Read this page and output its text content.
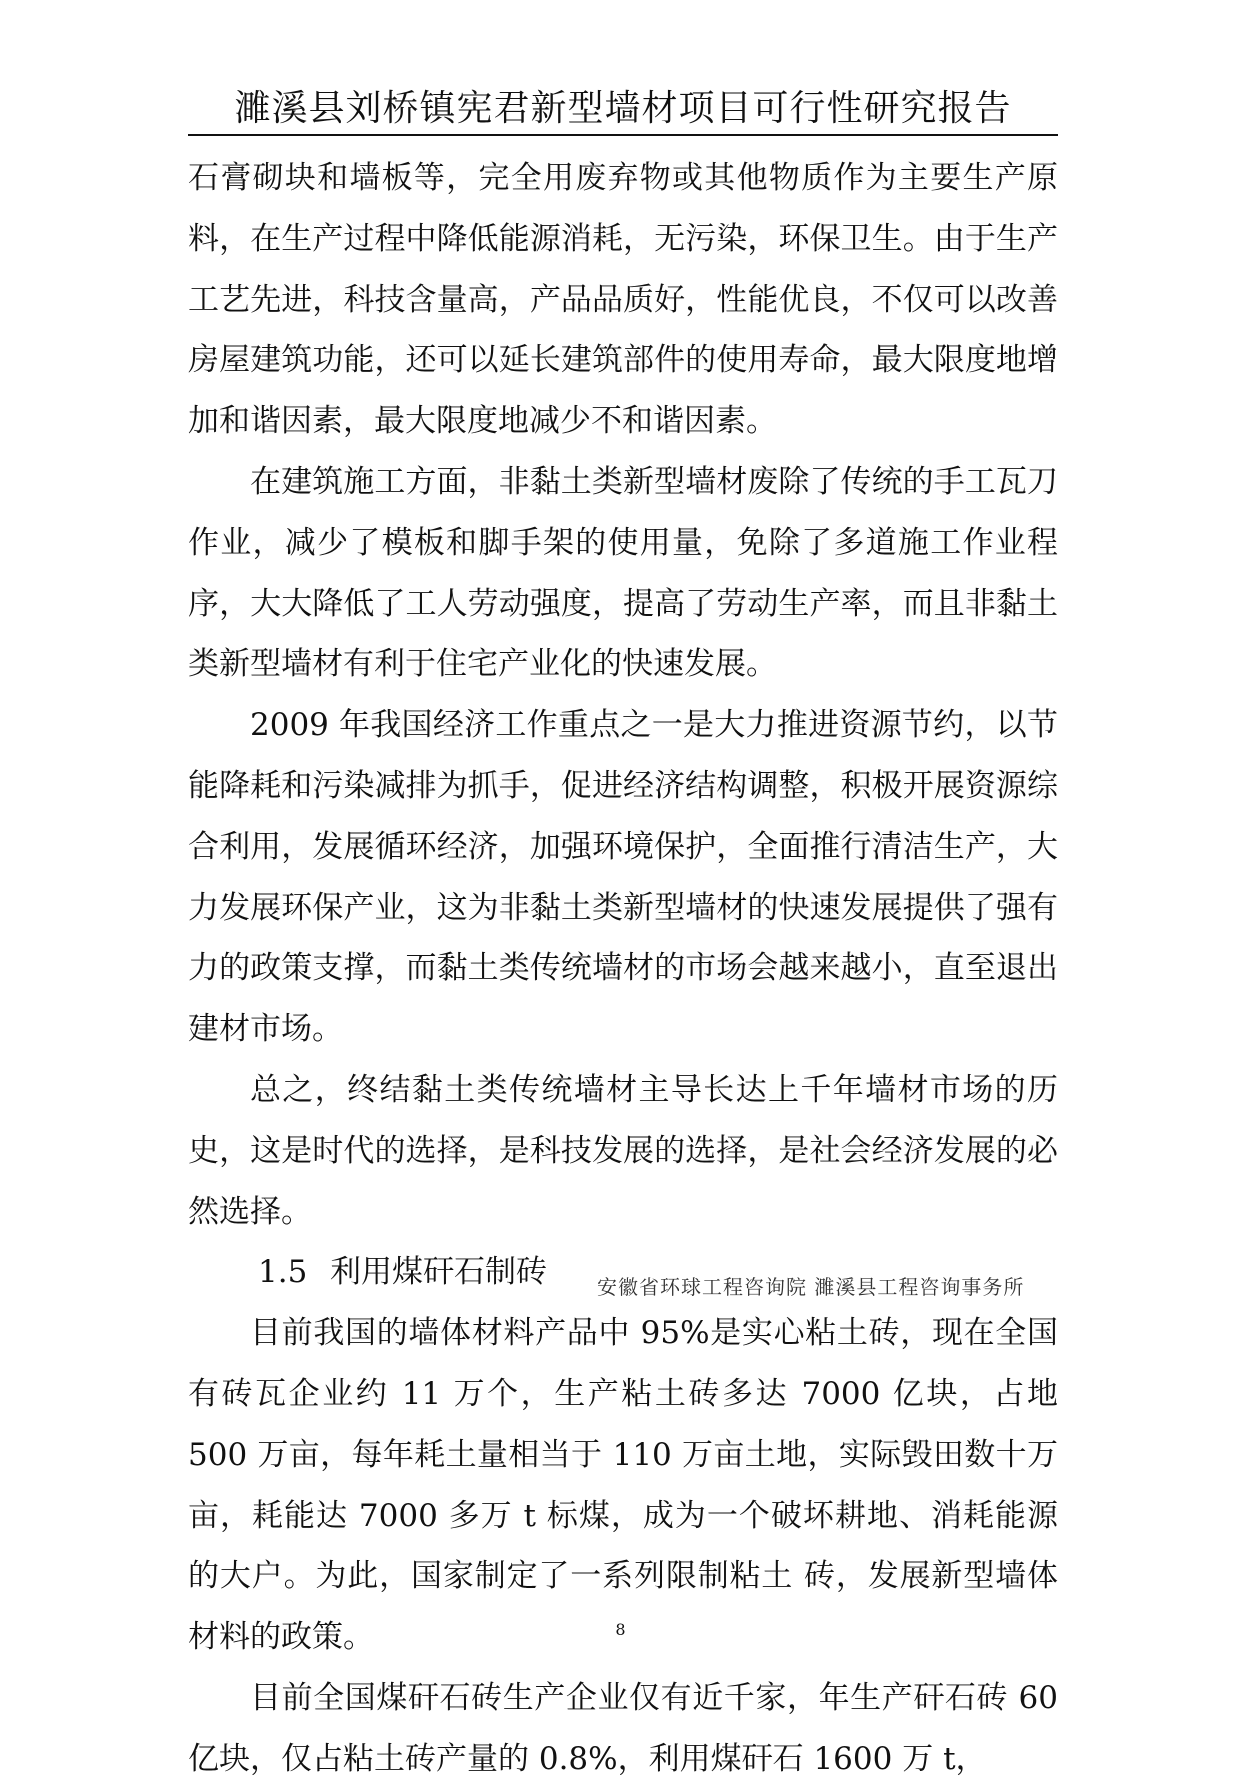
濉溪县刘桥镇宪君新型墙材项目可行性研究报告

石膏砌块和墙板等，完全用废弃物或其他物质作为主要生产原料，在生产过程中降低能源消耗，无污染，环保卫生。由于生产工艺先进，科技含量高，产品品质好，性能优良，不仅可以改善房屋建筑功能，还可以延长建筑部件的使用寿命，最大限度地增加和谐因素，最大限度地减少不和谐因素。

在建筑施工方面，非黏土类新型墙材废除了传统的手工瓦刀作业，减少了模板和脚手架的使用量，免除了多道施工作业程序，大大降低了工人劳动强度，提高了劳动生产率，而且非黏土类新型墙材有利于住宅产业化的快速发展。

2009 年我国经济工作重点之一是大力推进资源节约，以节能降耗和污染减排为抓手，促进经济结构调整，积极开展资源综合利用，发展循环经济，加强环境保护，全面推行清洁生产，大力发展环保产业，这为非黏土类新型墙材的快速发展提供了强有力的政策支撑，而黏土类传统墙材的市场会越来越小，直至退出建材市场。

总之，终结黏土类传统墙材主导长达上千年墙材市场的历史，这是时代的选择，是科技发展的选择，是社会经济发展的必然选择。

1.5 利用煤矸石制砖

目前我国的墙体材料产品中 95%是实心粘土砖，现在全国有砖瓦企业约 11 万个，生产粘土砖多达 7000 亿块，占地 500 万亩，每年耗土量相当于 110 万亩土地，实际毁田数十万亩，耗能达 7000 多万 t 标煤，成为一个破坏耕地、消耗能源的大户。为此，国家制定了一系列限制粘土 砖，发展新型墙体材料的政策。

目前全国煤矸石砖生产企业仅有近千家，年生产矸石砖 60 亿块，仅占粘土砖产量的 0.8%，利用煤矸石 1600 万 t，

安徽省环球工程咨询院 濉溪县工程咨询事务所
8
